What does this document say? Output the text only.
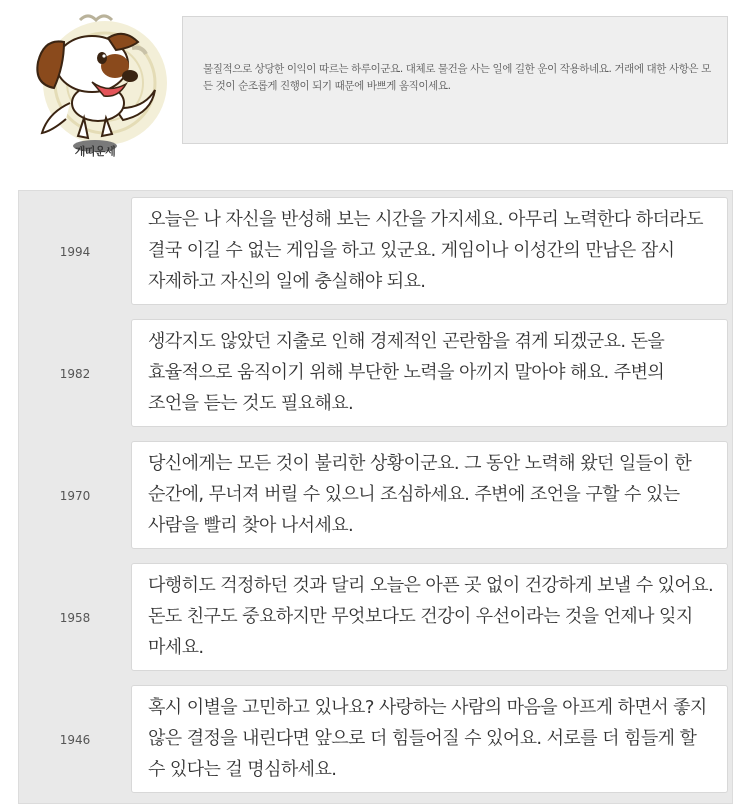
개띠운세
물질적으로 상당한 이익이 따르는 하루이군요. 대체로 물건을 사는 일에 길한 운이 작용하네요. 거래에 대한 사항은 모든 것이 순조롭게 진행이 되기 때문에 바쁘게 움직이세요.
1994
오늘은 나 자신을 반성해 보는 시간을 가지세요. 아무리 노력한다 하더라도 결국 이길 수 없는 게임을 하고 있군요. 게임이나 이성간의 만남은 잠시 자제하고 자신의 일에 충실해야 되요.
1982
생각지도 않았던 지출로 인해 경제적인 곤란함을 겪게 되겠군요. 돈을 효율적으로 움직이기 위해 부단한 노력을 아끼지 말아야 해요. 주변의 조언을 듣는 것도 필요해요.
1970
당신에게는 모든 것이 불리한 상황이군요. 그 동안 노력해 왔던 일들이 한 순간에, 무너져 버릴 수 있으니 조심하세요. 주변에 조언을 구할 수 있는 사람을 빨리 찾아 나서세요.
1958
다행히도 걱정하던 것과 달리 오늘은 아픈 곳 없이 건강하게 보낼 수 있어요. 돈도 친구도 중요하지만 무엇보다도 건강이 우선이라는 것을 언제나 잊지 마세요.
1946
혹시 이별을 고민하고 있나요? 사랑하는 사람의 마음을 아프게 하면서 좋지 않은 결정을 내린다면 앞으로 더 힘들어질 수 있어요. 서로를 더 힘들게 할 수 있다는 걸 명심하세요.
